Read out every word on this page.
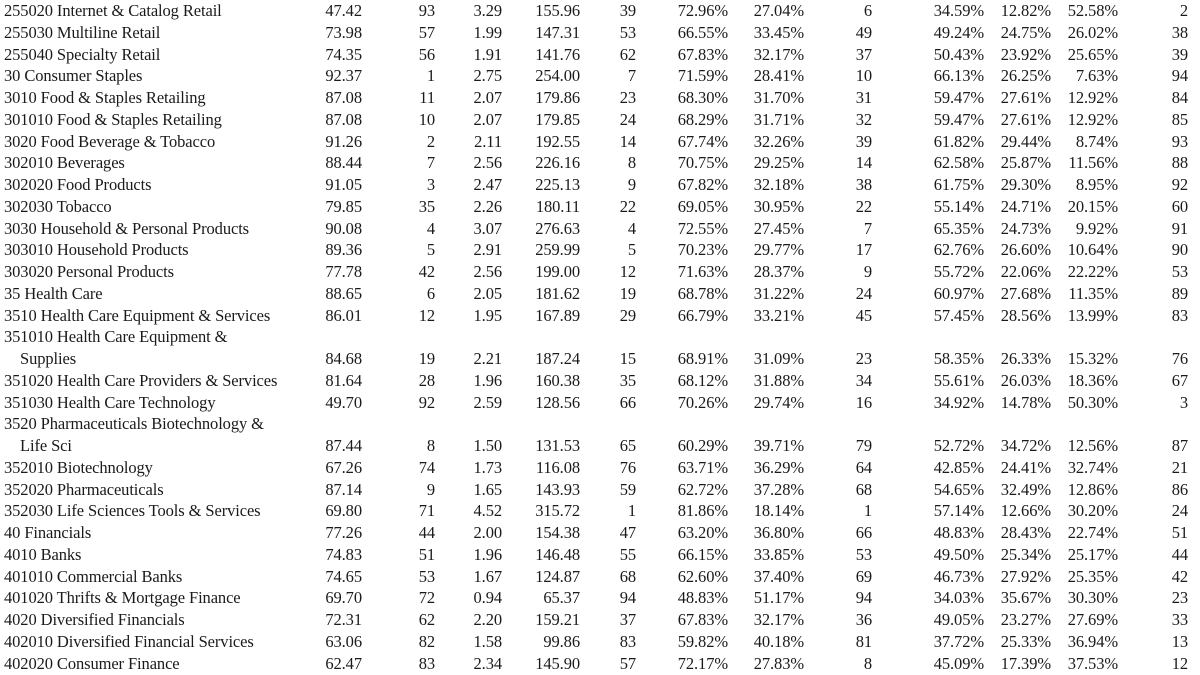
255020 Internet & Catalog Retail	47.42	93	3.29	155.96	39	72.96%	27.04%	6	34.59%	12.82%	52.58%	2
255030 Multiline Retail	73.98	57	1.99	147.31	53	66.55%	33.45%	49	49.24%	24.75%	26.02%	38
255040 Specialty Retail	74.35	56	1.91	141.76	62	67.83%	32.17%	37	50.43%	23.92%	25.65%	39
30 Consumer Staples	92.37	1	2.75	254.00	7	71.59%	28.41%	10	66.13%	26.25%	7.63%	94
3010 Food & Staples Retailing	87.08	11	2.07	179.86	23	68.30%	31.70%	31	59.47%	27.61%	12.92%	84
301010 Food & Staples Retailing	87.08	10	2.07	179.85	24	68.29%	31.71%	32	59.47%	27.61%	12.92%	85
3020 Food Beverage & Tobacco	91.26	2	2.11	192.55	14	67.74%	32.26%	39	61.82%	29.44%	8.74%	93
302010 Beverages	88.44	7	2.56	226.16	8	70.75%	29.25%	14	62.58%	25.87%	11.56%	88
302020 Food Products	91.05	3	2.47	225.13	9	67.82%	32.18%	38	61.75%	29.30%	8.95%	92
302030 Tobacco	79.85	35	2.26	180.11	22	69.05%	30.95%	22	55.14%	24.71%	20.15%	60
3030 Household & Personal Products	90.08	4	3.07	276.63	4	72.55%	27.45%	7	65.35%	24.73%	9.92%	91
303010 Household Products	89.36	5	2.91	259.99	5	70.23%	29.77%	17	62.76%	26.60%	10.64%	90
303020 Personal Products	77.78	42	2.56	199.00	12	71.63%	28.37%	9	55.72%	22.06%	22.22%	53
35 Health Care	88.65	6	2.05	181.62	19	68.78%	31.22%	24	60.97%	27.68%	11.35%	89
3510 Health Care Equipment & Services	86.01	12	1.95	167.89	29	66.79%	33.21%	45	57.45%	28.56%	13.99%	83
351010 Health Care Equipment &
Supplies	84.68	19	2.21	187.24	15	68.91%	31.09%	23	58.35%	26.33%	15.32%	76
351020 Health Care Providers & Services	81.64	28	1.96	160.38	35	68.12%	31.88%	34	55.61%	26.03%	18.36%	67
351030 Health Care Technology	49.70	92	2.59	128.56	66	70.26%	29.74%	16	34.92%	14.78%	50.30%	3
3520 Pharmaceuticals Biotechnology &
Life Sci	87.44	8	1.50	131.53	65	60.29%	39.71%	79	52.72%	34.72%	12.56%	87
352010 Biotechnology	67.26	74	1.73	116.08	76	63.71%	36.29%	64	42.85%	24.41%	32.74%	21
352020 Pharmaceuticals	87.14	9	1.65	143.93	59	62.72%	37.28%	68	54.65%	32.49%	12.86%	86
352030 Life Sciences Tools & Services	69.80	71	4.52	315.72	1	81.86%	18.14%	1	57.14%	12.66%	30.20%	24
40 Financials	77.26	44	2.00	154.38	47	63.20%	36.80%	66	48.83%	28.43%	22.74%	51
4010 Banks	74.83	51	1.96	146.48	55	66.15%	33.85%	53	49.50%	25.34%	25.17%	44
401010 Commercial Banks	74.65	53	1.67	124.87	68	62.60%	37.40%	69	46.73%	27.92%	25.35%	42
401020 Thrifts & Mortgage Finance	69.70	72	0.94	65.37	94	48.83%	51.17%	94	34.03%	35.67%	30.30%	23
4020 Diversified Financials	72.31	62	2.20	159.21	37	67.83%	32.17%	36	49.05%	23.27%	27.69%	33
402010 Diversified Financial Services	63.06	82	1.58	99.86	83	59.82%	40.18%	81	37.72%	25.33%	36.94%	13
402020 Consumer Finance	62.47	83	2.34	145.90	57	72.17%	27.83%	8	45.09%	17.39%	37.53%	12
